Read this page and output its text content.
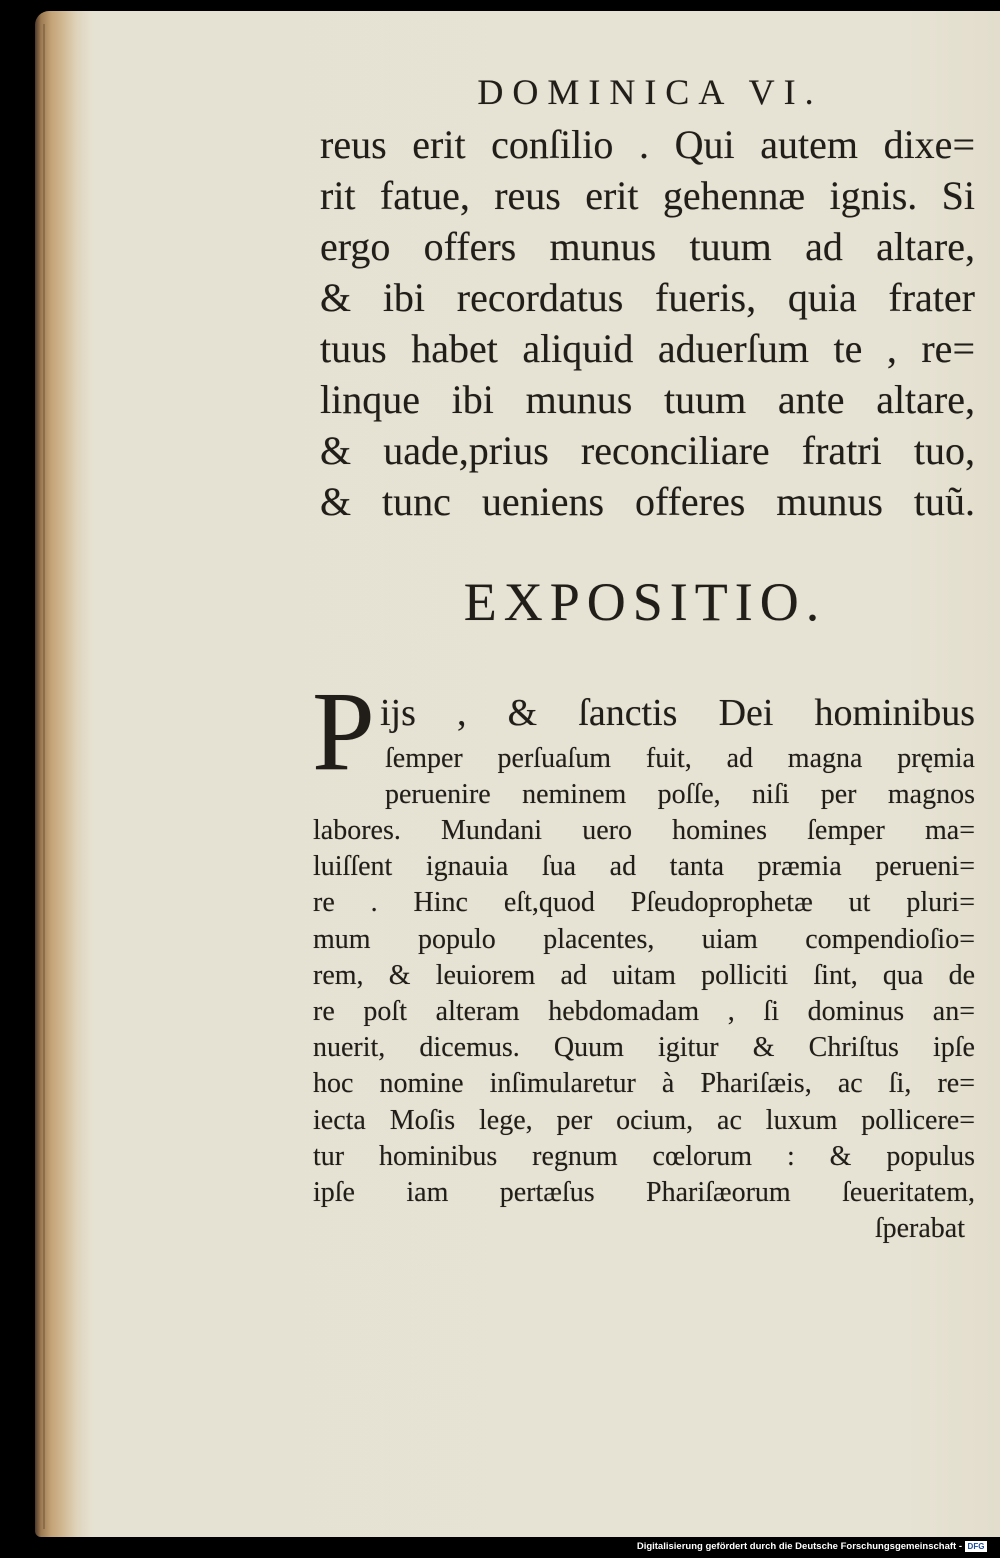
DOMINICA VI.
reus erit conſilio . Qui autem dixe=
rit fatue, reus erit gehennæ ignis. Si
ergo offers munus tuum ad altare,
& ibi recordatus fueris, quia frater
tuus habet aliquid aduerſum te , re=
linque ibi munus tuum ante altare,
& uade,prius reconciliare fratri tuo,
& tunc ueniens offeres munus tuũ.
EXPOSITIO.
P ijs , & ſanctis Dei hominibus
ſemper perſuaſum fuit, ad magna pręmia
peruenire neminem poſſe, niſi per magnos
labores. Mundani uero homines ſemper ma=
luiſſent ignauia ſua ad tanta præmia perueni=
re . Hinc eſt,quod Pſeudoprophetæ ut pluri=
mum populo placentes, uiam compendioſio=
rem, & leuiorem ad uitam polliciti ſint, qua de
re poſt alteram hebdomadam , ſi dominus an=
nuerit, dicemus. Quum igitur & Chriſtus ipſe
hoc nomine inſimularetur à Phariſæis, ac ſi, re=
iecta Moſis lege, per ocium, ac luxum pollicere=
tur hominibus regnum cœlorum : & populus
ipſe iam pertæſus Phariſæorum ſeueritatem,
ſperabat
Digitalisierung gefördert durch die Deutsche Forschungsgemeinschaft - DFG
